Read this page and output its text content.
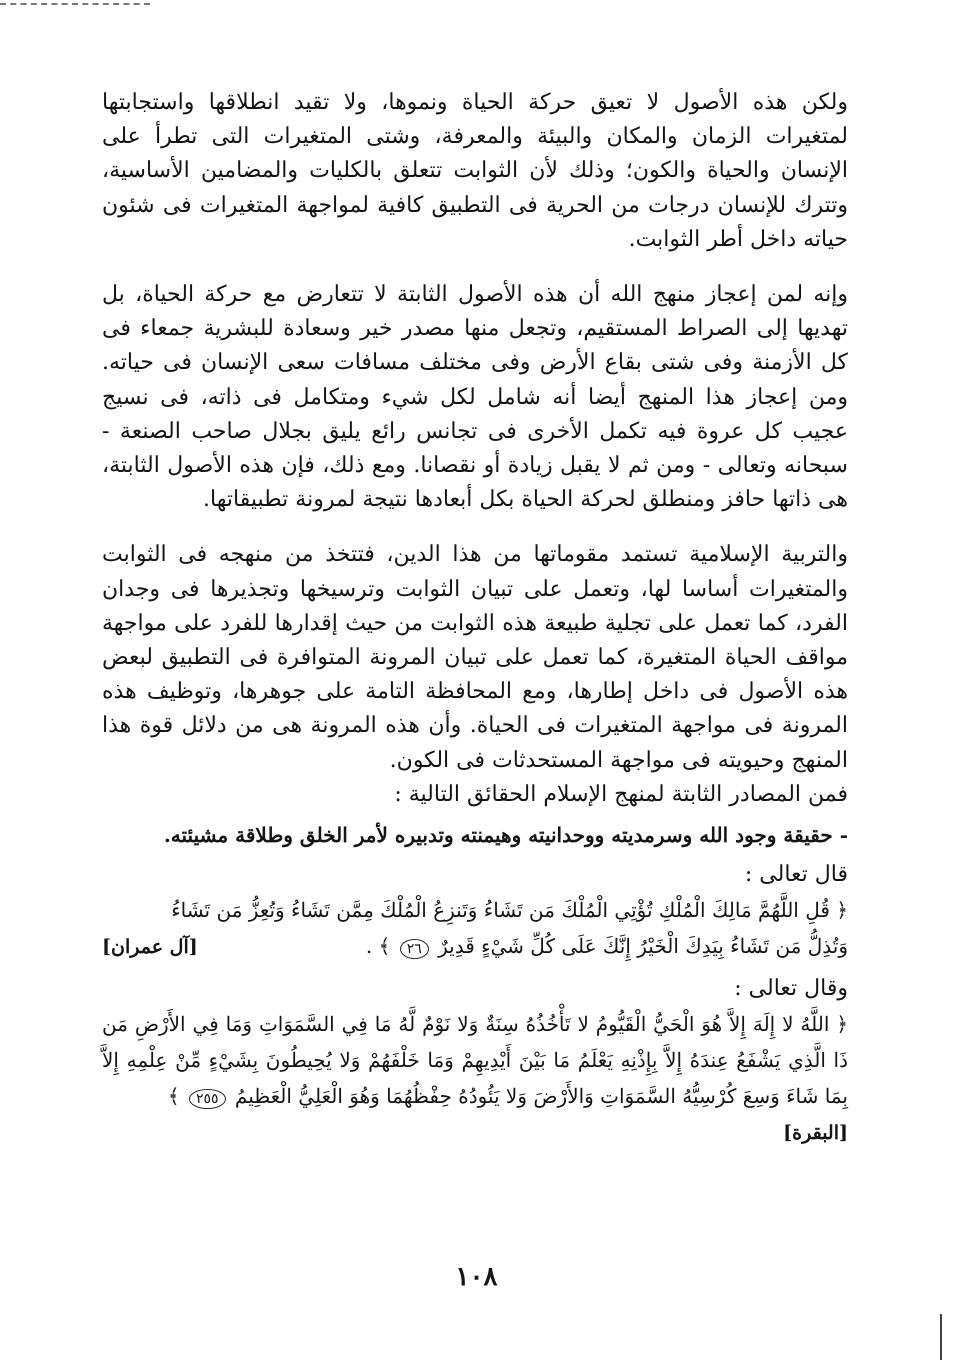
ولكن هذه الأصول لا تعيق حركة الحياة ونموها، ولا تقيد انطلاقها واستجابتها لمتغيرات الزمان والمكان والبيئة والمعرفة، وشتى المتغيرات التى تطرأ على الإنسان والحياة والكون؛ وذلك لأن الثوابت تتعلق بالكليات والمضامين الأساسية، وتترك للإنسان درجات من الحرية فى التطبيق كافية لمواجهة المتغيرات فى شئون حياته داخل أطر الثوابت.

وإنه لمن إعجاز منهج الله أن هذه الأصول الثابتة لا تتعارض مع حركة الحياة، بل تهديها إلى الصراط المستقيم، وتجعل منها مصدر خير وسعادة للبشرية جمعاء فى كل الأزمنة وفى شتى بقاع الأرض وفى مختلف مسافات سعى الإنسان فى حياته. ومن إعجاز هذا المنهج أيضا أنه شامل لكل شيء ومتكامل فى ذاته، فى نسيج عجيب كل عروة فيه تكمل الأخرى فى تجانس رائع يليق بجلال صاحب الصنعة - سبحانه وتعالى - ومن ثم لا يقبل زيادة أو نقصانا. ومع ذلك، فإن هذه الأصول الثابتة، هى ذاتها حافز ومنطلق لحركة الحياة بكل أبعادها نتيجة لمرونة تطبيقاتها.

والتربية الإسلامية تستمد مقوماتها من هذا الدين، فتتخذ من منهجه فى الثوابت والمتغيرات أساسا لها، وتعمل على تبيان الثوابت وترسيخها وتجذيرها فى وجدان الفرد، كما تعمل على تجلية طبيعة هذه الثوابت من حيث إقدارها للفرد على مواجهة مواقف الحياة المتغيرة، كما تعمل على تبيان المرونة المتوافرة فى التطبيق لبعض هذه الأصول فى داخل إطارها، ومع المحافظة التامة على جوهرها، وتوظيف هذه المرونة فى مواجهة المتغيرات فى الحياة. وأن هذه المرونة هى من دلائل قوة هذا المنهج وحيويته فى مواجهة المستحدثات فى الكون.

فمن المصادر الثابتة لمنهج الإسلام الحقائق التالية :

- حقيقة وجود الله وسرمديته ووحدانيته وهيمنته وتدبيره لأمر الخلق وطلاقة مشيئته.

قال تعالى :

﴿ قُلِ اللَّهُمَّ مَالِكَ الْمُلْكِ تُؤْتِي الْمُلْكَ مَن تَشَاءُ وَتَنزِعُ الْمُلْكَ مِمَّن تَشَاءُ وَتُعِزُّ مَن تَشَاءُ

وَتُذِلُّ مَن تَشَاءُ بِيَدِكَ الْخَيْرُ إِنَّكَ عَلَى كُلِّ شَيْءٍ قَدِيرٌ ٢٦ ﴾ .
[آل عمران]

وقال تعالى :

﴿ اللَّهُ لا إِلَهَ إِلاَّ هُوَ الْحَيُّ الْقَيُّومُ لا تَأْخُذُهُ سِنَةٌ وَلا نَوْمٌ لَّهُ مَا فِي السَّمَوَاتِ وَمَا فِي الأَرْضِ مَن ذَا الَّذِي يَشْفَعُ عِندَهُ إِلاَّ بِإِذْنِهِ يَعْلَمُ مَا بَيْنَ أَيْدِيهِمْ وَمَا خَلْفَهُمْ وَلا يُحِيطُونَ بِشَيْءٍ مِّنْ عِلْمِهِ إِلاَّ بِمَا شَاءَ وَسِعَ كُرْسِيُّهُ السَّمَوَاتِ وَالأَرْضَ وَلا يَئُودُهُ حِفْظُهُمَا وَهُوَ الْعَلِيُّ الْعَظِيمُ ٢٥٥ ﴾

[البقرة]

١٠٨
